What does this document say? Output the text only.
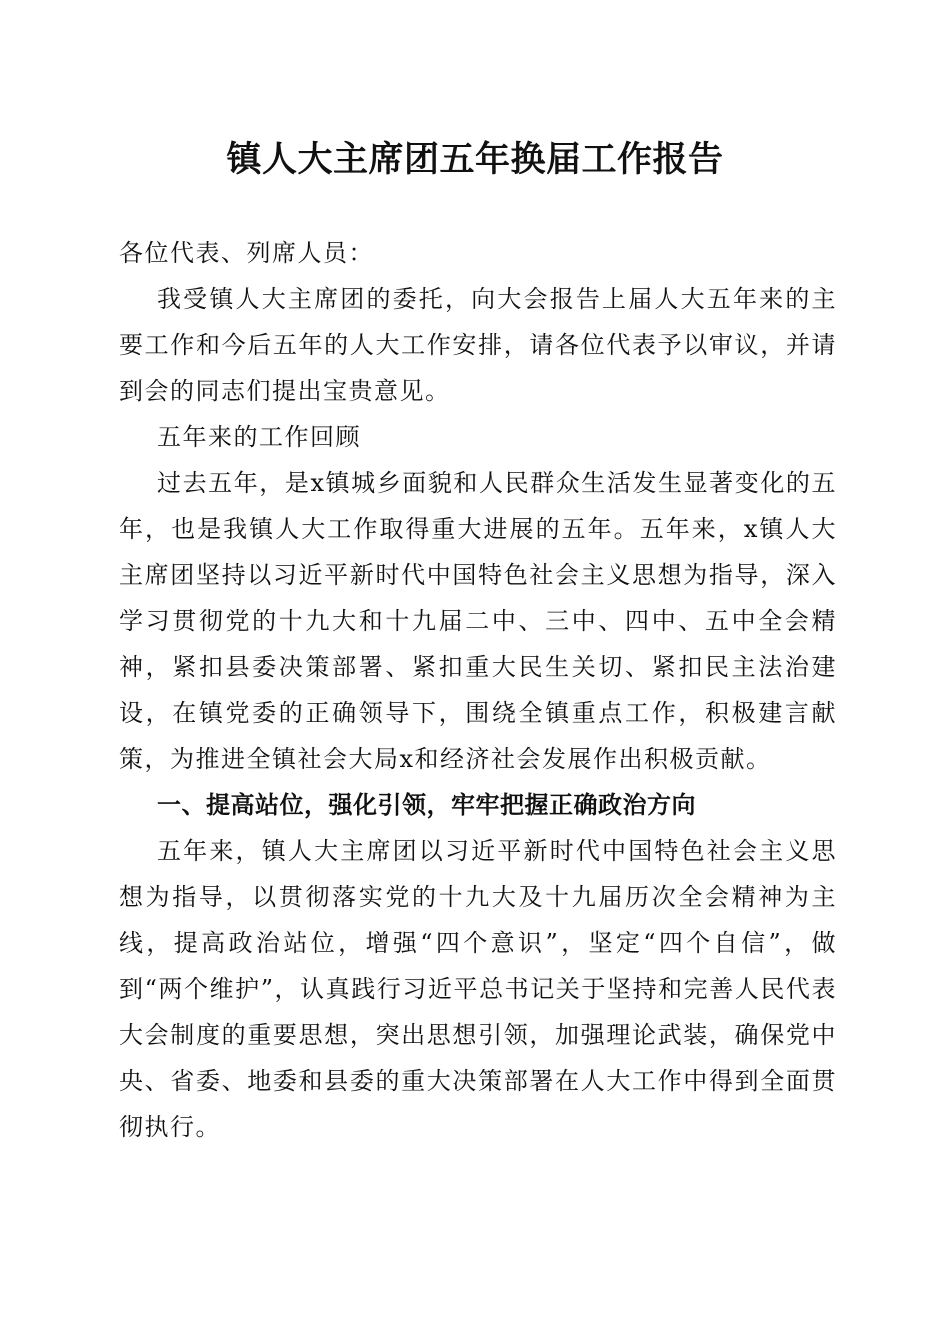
镇人大主席团五年换届工作报告

各位代表、列席人员：

我受镇人大主席团的委托，向大会报告上届人大五年来的主要工作和今后五年的人大工作安排，请各位代表予以审议，并请到会的同志们提出宝贵意见。

五年来的工作回顾

过去五年，是x镇城乡面貌和人民群众生活发生显著变化的五年，也是我镇人大工作取得重大进展的五年。五年来，x镇人大主席团坚持以习近平新时代中国特色社会主义思想为指导，深入学习贯彻党的十九大和十九届二中、三中、四中、五中全会精神，紧扣县委决策部署、紧扣重大民生关切、紧扣民主法治建设，在镇党委的正确领导下，围绕全镇重点工作，积极建言献策，为推进全镇社会大局x和经济社会发展作出积极贡献。

一、提高站位，强化引领，牢牢把握正确政治方向

五年来，镇人大主席团以习近平新时代中国特色社会主义思想为指导，以贯彻落实党的十九大及十九届历次全会精神为主线，提高政治站位，增强“四个意识”，坚定“四个自信”，做到“两个维护”，认真践行习近平总书记关于坚持和完善人民代表大会制度的重要思想，突出思想引领，加强理论武装，确保党中央、省委、地委和县委的重大决策部署在人大工作中得到全面贯彻执行。
